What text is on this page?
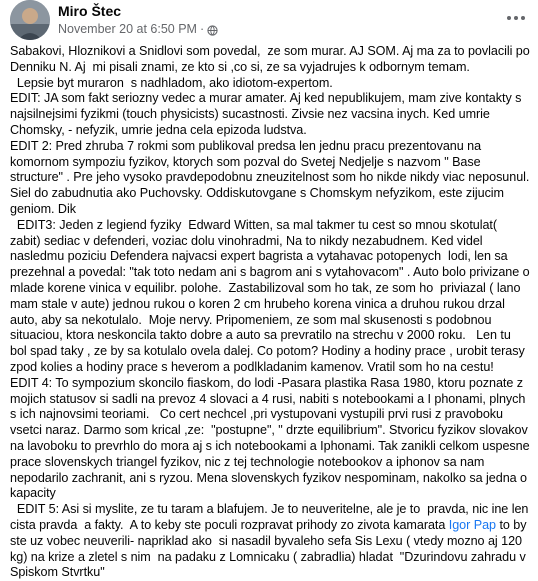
Miro Štec
November 20 at 6:50 PM ·
Sabakovi, Hloznikovi a Snidlovi som povedal,  ze som murar. AJ SOM. Aj ma za to povlacili po Denniku N. Aj  mi pisali znami, ze kto si ,co si, ze sa vyjadrujes k odbornym temam.
Lepsie byt muraron  s nadhladom, ako idiotom-expertom.
EDIT: JA som fakt seriozny vedec a murar amater. Aj ked nepublikujem, mam zive kontakty s najsilnejsimi fyzikmi (touch physicists) sucastnosti. Zivsie nez vacsina inych. Ked umrie Chomsky, - nefyzik, umrie jedna cela epizoda ludstva.
EDIT 2: Pred zhruba 7 rokmi som publikoval predsa len jednu pracu prezentovanu na komornom sympoziu fyzikov, ktorych som pozval do Svetej Nedjelje s nazvom " Base structure" . Pre jeho vysoko pravdepodobnu zneuzitelnost som ho nikde nikdy viac neposunul. Siel do zabudnutia ako Puchovsky. Oddiskutovgane s Chomskym nefyzikom, este zijucim geniom. Dik
EDIT3: Jeden z legiend fyziky  Edward Witten, sa mal takmer tu cest so mnou skotulat( zabit) sediac v defenderi, voziac dolu vinohradmi, Na to nikdy nezabudnem. Ked videl nasledmu poziciu Defendera najvacsi expert bagrista a vytahavac potopenych  lodi, len sa prezehnal a povedal: "tak toto nedam ani s bagrom ani s vytahovacom" . Auto bolo privizane o mlade korene vinica v equilibr. polohe.  Zastabilizoval som ho tak, ze som ho  priviazal ( lano mam stale v aute) jednou rukou o koren 2 cm hrubeho korena vinica a druhou rukou drzal auto, aby sa nekotulalo.  Moje nervy. Pripomeniem, ze som mal skusenosti s podobnou situaciou, ktora neskoncila takto dobre a auto sa prevratilo na strechu v 2000 roku.   Len tu bol spad taky , ze by sa kotulalo ovela dalej. Co potom? Hodiny a hodiny prace , urobit terasy zpod kolies a hodiny prace s heverom a podlkladanim kamenov. Vratil som ho na cestu!
EDIT 4: To sympozium skoncilo fiaskom, do lodi -Pasara plastika Rasa 1980, ktoru poznate z mojich statusov si sadli na prevoz 4 slovaci a 4 rusi, nabiti s notebookami a I phonami, plnych s ich najnovsimi teoriami.   Co cert nechcel ,pri vystupovani vystupili prvi rusi z pravoboku vsetci naraz. Darmo som krical ,ze:  "postupne", " drzte equilibrium". Stvoricu fyzikov slovakov  na lavoboku to prevrhlo do mora aj s ich notebookami a Iphonami. Tak zanikli celkom uspesne prace slovenskych triangel fyzikov, nic z tej technologie notebookov a iphonov sa nam nepodarilo zachranit, ani s ryzou. Mena slovenskych fyzikov nespominam, nakolko sa jedna o kapacity
EDIT 5: Asi si myslite, ze tu taram a blafujem. Je to neuveritelne, ale je to  pravda, nic ine len cista pravda  a fakty.  A to keby ste poculi rozpravat prihody zo zivota kamarata Igor Pap to by ste uz vobec neuverili- napriklad ako  si nasadil byvaleho sefa Sis Lexu ( vtedy mozno aj 120 kg) na krize a zletel s nim  na padaku z Lomnicaku ( zabradlia) hladat  "Dzurindovu zahradu v Spiskom Stvrtku"
